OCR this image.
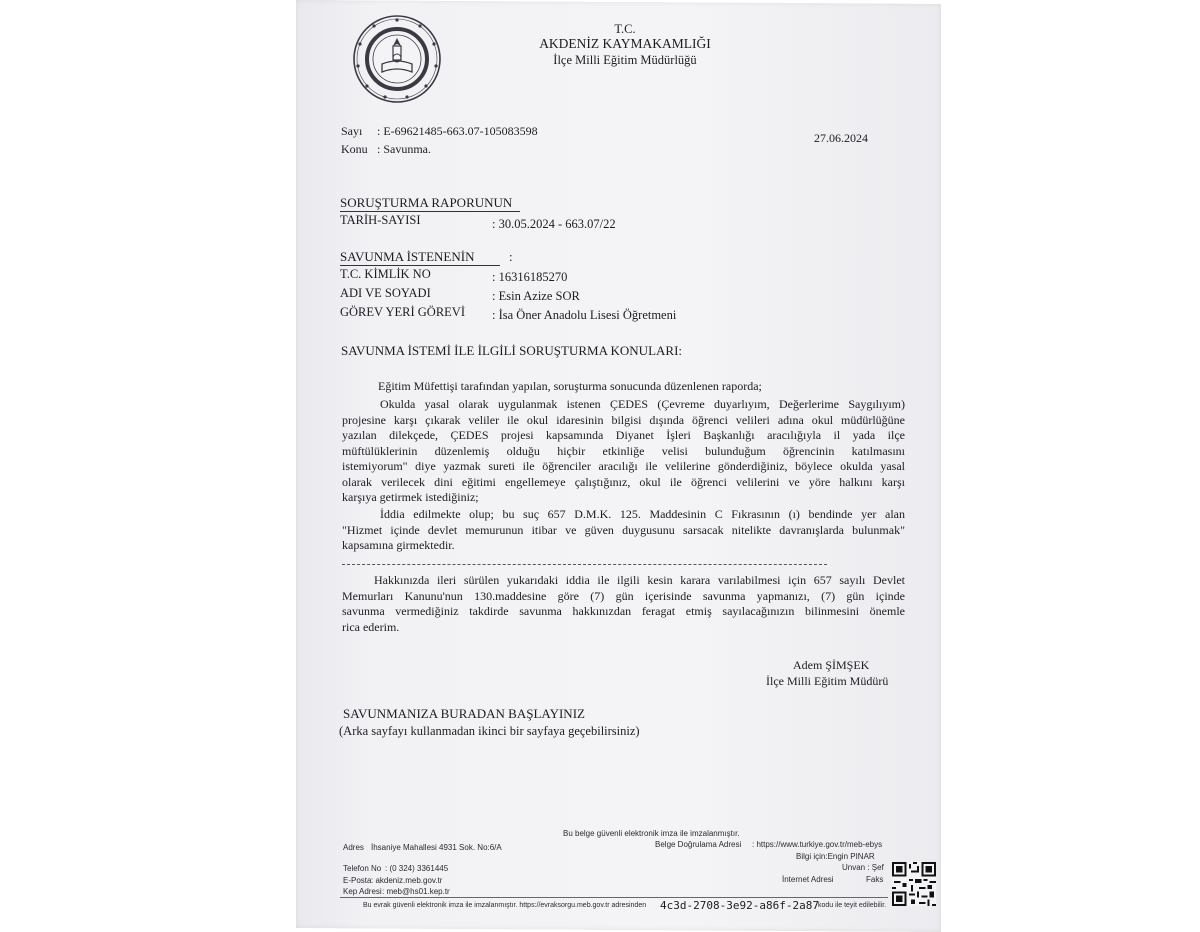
T.C.
AKDENİZ KAYMAKAMLIĞI
İlçe Milli Eğitim Müdürlüğü
Sayı : E-69621485-663.07-105083598
Konu : Savunma.
27.06.2024
SORUŞTURMA RAPORUNUN
TARİH-SAYISI	: 30.05.2024 - 663.07/22
SAVUNMA İSTENENİN	:
T.C. KİMLİK NO	: 16316185270
ADI VE SOYADI	: Esin Azize SOR
GÖREV YERİ GÖREVİ : İsa Öner Anadolu Lisesi Öğretmeni
SAVUNMA İSTEMİ İLE İLGİLİ SORUŞTURMA KONULARI:
Eğitim Müfettişi tarafından yapılan, soruşturma sonucunda düzenlenen raporda;
Okulda yasal olarak uygulanmak istenen ÇEDES (Çevreme duyarlıyım, Değerlerime Saygılıyım)
projesine karşı çıkarak veliler ile okul idaresinin bilgisi dışında öğrenci velileri adına okul müdürlüğüne
yazılan dilekçede, ÇEDES projesi kapsamında Diyanet İşleri Başkanlığı aracılığıyla il yada ilçe
müftülüklerinin düzenlemiş olduğu hiçbir etkinliğe velisi bulunduğum öğrencinin katılmasını
istemiyorum" diye yazmak sureti ile öğrenciler aracılığı ile velilerine gönderdiğiniz, böylece okulda yasal
olarak verilecek dini eğitimi engellemeye çalıştığınız, okul ile öğrenci velilerini ve yöre halkını karşı
karşıya getirmek istediğiniz;
İddia edilmekte olup; bu suç 657 D.M.K. 125. Maddesinin C Fıkrasının (ı) bendinde yer alan
"Hizmet içinde devlet memurunun itibar ve güven duygusunu sarsacak nitelikte davranışlarda bulunmak"
kapsamına girmektedir.
Hakkınızda ileri sürülen yukarıdaki iddia ile ilgili kesin karara varılabilmesi için 657 sayılı Devlet
Memurları Kanunu'nun 130.maddesine göre (7) gün içerisinde savunma yapmanızı, (7) gün içinde
savunma vermediğiniz takdirde savunma hakkınızdan feragat etmiş sayılacağınızın bilinmesini önemle
rica ederim.
Adem ŞİMŞEK
İlçe Milli Eğitim Müdürü
SAVUNMANIZA BURADAN BAŞLAYINIZ
(Arka sayfayı kullanmadan ikinci bir sayfaya geçebilirsiniz)
Bu belge güvenli elektronik imza ile imzalanmıştır.
Adres İhsaniye Mahallesi 4931 Sok. No:6/A	Belge Doğrulama Adresi : https://www.turkiye.gov.tr/meb-ebys
Bilgi için:Engin PINAR
Unvan : Şef
Telefon No : (0 324) 3361445
İnternet Adresi	Faks
E-Posta : akdeniz.meb.gov.tr
Kep Adresi : meb@hs01.kep.tr
Bu evrak güvenli elektronik imza ile imzalanmıştır. https://evraksorgu.meb.gov.tr adresinden 4c3d-2708-3e92-a86f-2a87 kodu ile teyit edilebilir.
